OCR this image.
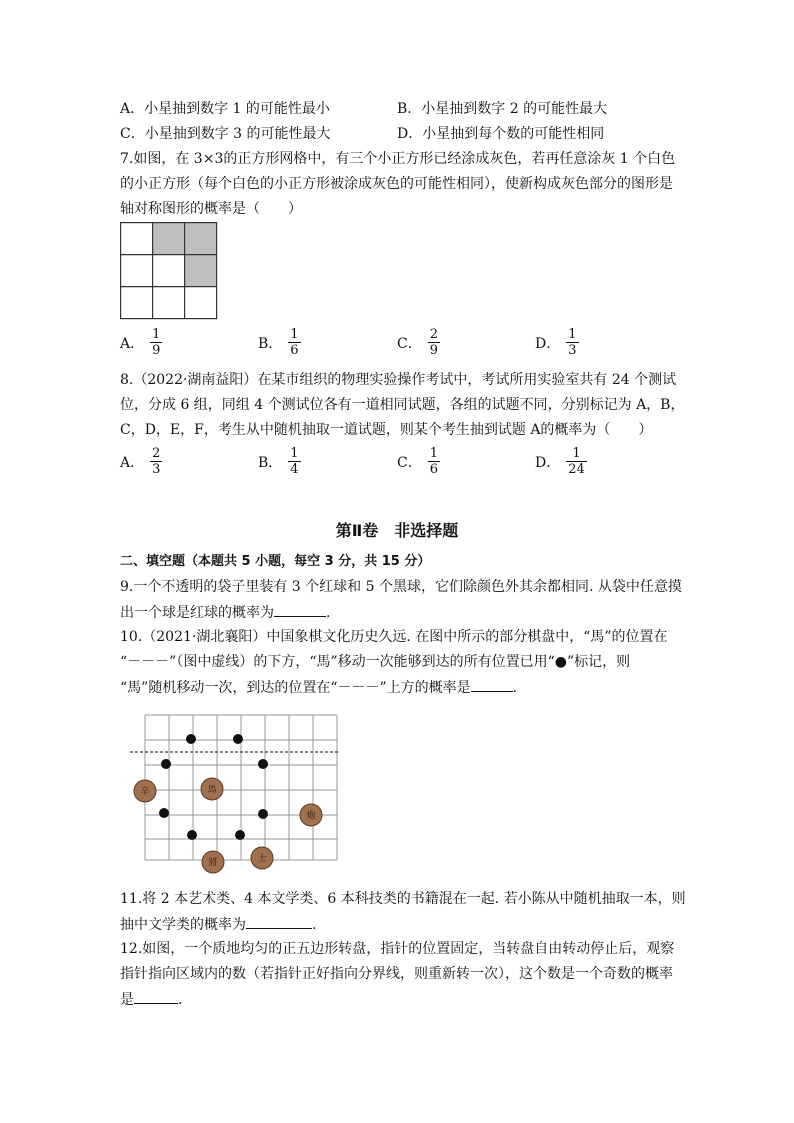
A．小星抽到数字 1 的可能性最小	B．小星抽到数字 2 的可能性最大
C．小星抽到数字 3 的可能性最大	D．小星抽到每个数的可能性相同
7.如图，在 3×3的正方形网格中，有三个小正方形已经涂成灰色，若再任意涂灰 1 个白色
的小正方形（每个白色的小正方形被涂成灰色的可能性相同），使新构成灰色部分的图形是
轴对称图形的概率是（　　）
A． $\frac{1}{9}$	B． $\frac{1}{6}$	C． $\frac{2}{9}$	D． $\frac{1}{3}$
8.（2022·湖南益阳）在某市组织的物理实验操作考试中，考试所用实验室共有 24 个测试
位，分成 6 组，同组 4 个测试位各有一道相同试题，各组的试题不同，分别标记为 A，B，
C，D，E，F，考生从中随机抽取一道试题，则某个考生抽到试题 A的概率为（　　）
A． $\frac{2}{3}$	B． $\frac{1}{4}$	C． $\frac{1}{6}$	D． $\frac{1}{24}$
第Ⅱ卷　非选择题
二、填空题（本题共 5 小题，每空 3 分，共 15 分）
9.一个不透明的袋子里装有 3 个红球和 5 个黑球，它们除颜色外其余都相同. 从袋中任意摸
出一个球是红球的概率为	.
10.（2021·湖北襄阳）中国象棋文化历史久远. 在图中所示的部分棋盘中，“馬”的位置在
“－－－”（图中虚线）的下方，“馬”移动一次能够到达的所有位置已用“●”标记，则
“馬”随机移动一次，到达的位置在“－－－”上方的概率是	.
辛	馬
炮
將	士
11.将 2 本艺术类、4 本文学类、6 本科技类的书籍混在一起. 若小陈从中随机抽取一本，则
抽中文学类的概率为	.
12.如图，一个质地均匀的正五边形转盘，指针的位置固定，当转盘自由转动停止后，观察
指针指向区域内的数（若指针正好指向分界线，则重新转一次），这个数是一个奇数的概率
是	.
